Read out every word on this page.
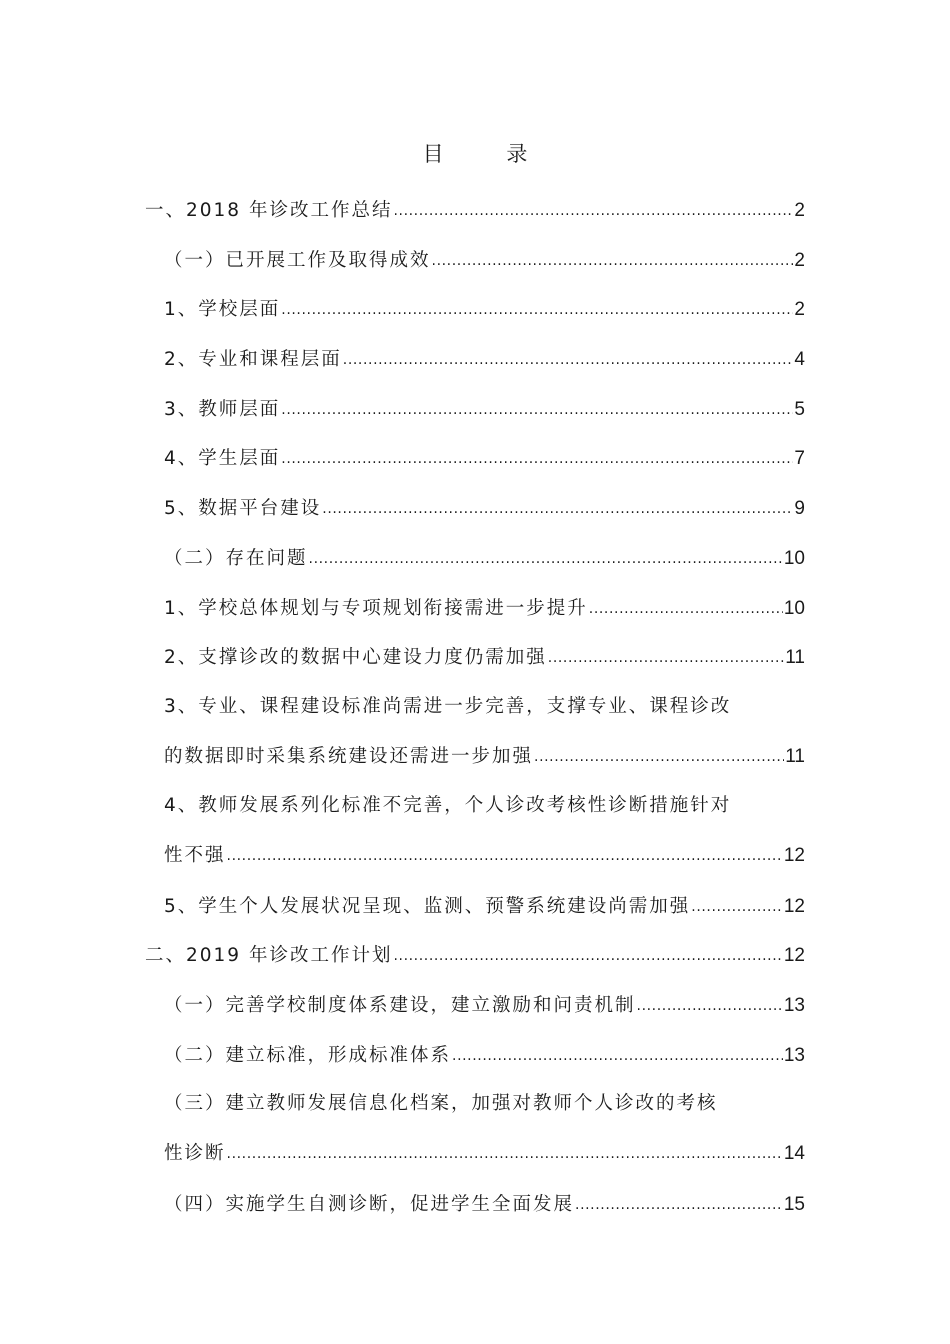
目 录
一、2018 年诊改工作总结 .....	2
（一）已开展工作及取得成效 .....	2
1、学校层面 .....	2
2、专业和课程层面 .....	4
3、教师层面 .....	5
4、学生层面 .....	7
5、数据平台建设 .....	9
（二）存在问题 .....	10
1、学校总体规划与专项规划衔接需进一步提升 .....	10
2、支撑诊改的数据中心建设力度仍需加强 .....	11
3、专业、课程建设标准尚需进一步完善，支撑专业、课程诊改
的数据即时采集系统建设还需进一步加强 .....	11
4、教师发展系列化标准不完善，个人诊改考核性诊断措施针对
性不强 .....	12
5、学生个人发展状况呈现、监测、预警系统建设尚需加强 .....	12
二、2019 年诊改工作计划 .....	12
（一）完善学校制度体系建设，建立激励和问责机制 .....	13
（二）建立标准，形成标准体系 .....	13
（三）建立教师发展信息化档案，加强对教师个人诊改的考核
性诊断 .....	14
（四）实施学生自测诊断，促进学生全面发展 .....	15
